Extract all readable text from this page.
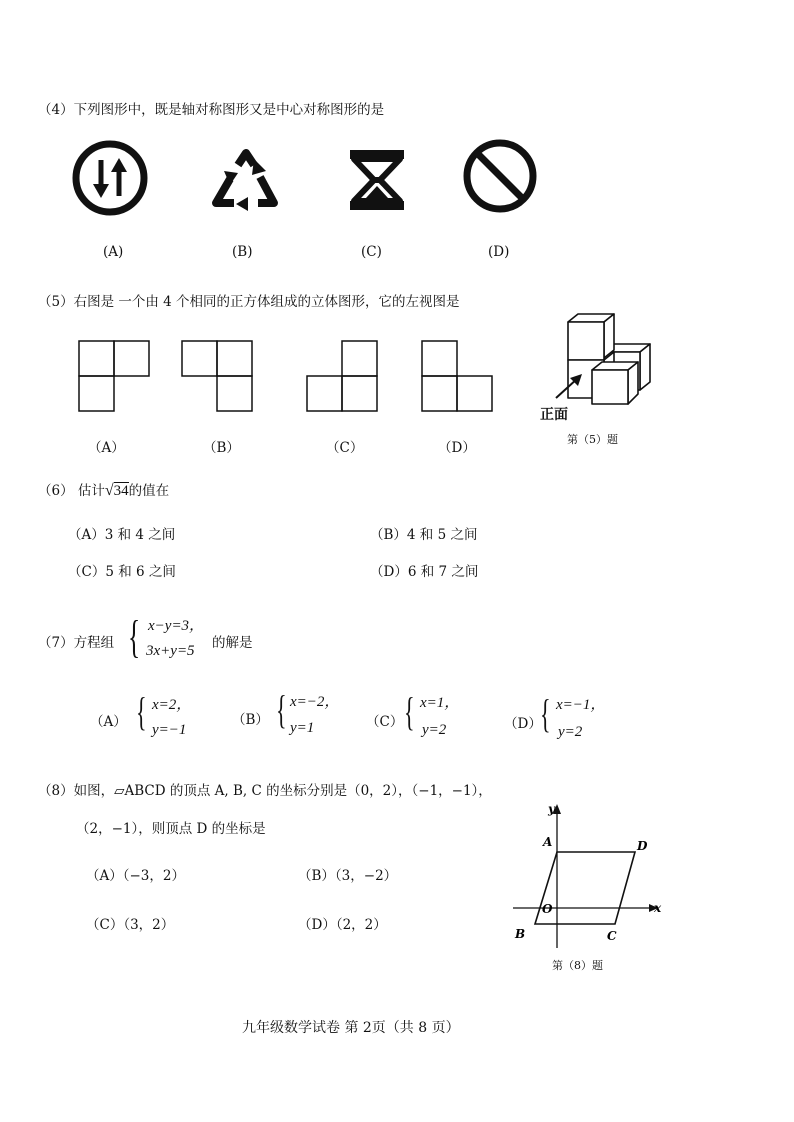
（4）下列图形中，既是轴对称图形又是中心对称图形的是
(A)	(B)	(C)	(D)
（5）右图是 一个由 4 个相同的正方体组成的立体图形，它的左视图是
（A）	（B）	（C）	（D）
正面
第（5）题
（6） 估计√34的值在
（A）3 和 4 之间	（B）4 和 5 之间
（C）5 和 6 之间	（D）6 和 7 之间
（7）方程组 { x−y=3，
3x+y=5 的解是
（A） { x=2，
y=−1
（B） { x=−2，
y=1	（C） { x=1，
y=2	（D）
{ x=−1，
y=2
（8）如图，▱ABCD 的顶点 A, B, C 的坐标分别是（0，2），（−1，−1），
（2，−1），则顶点 D 的坐标是
（A）（−3，2）	（B）（3，−2）
（C）（3，2）	（D）（2，2）
y
x
A	D
O
B	C
第（8）题
九年级数学试卷 第 2页（共 8 页）
